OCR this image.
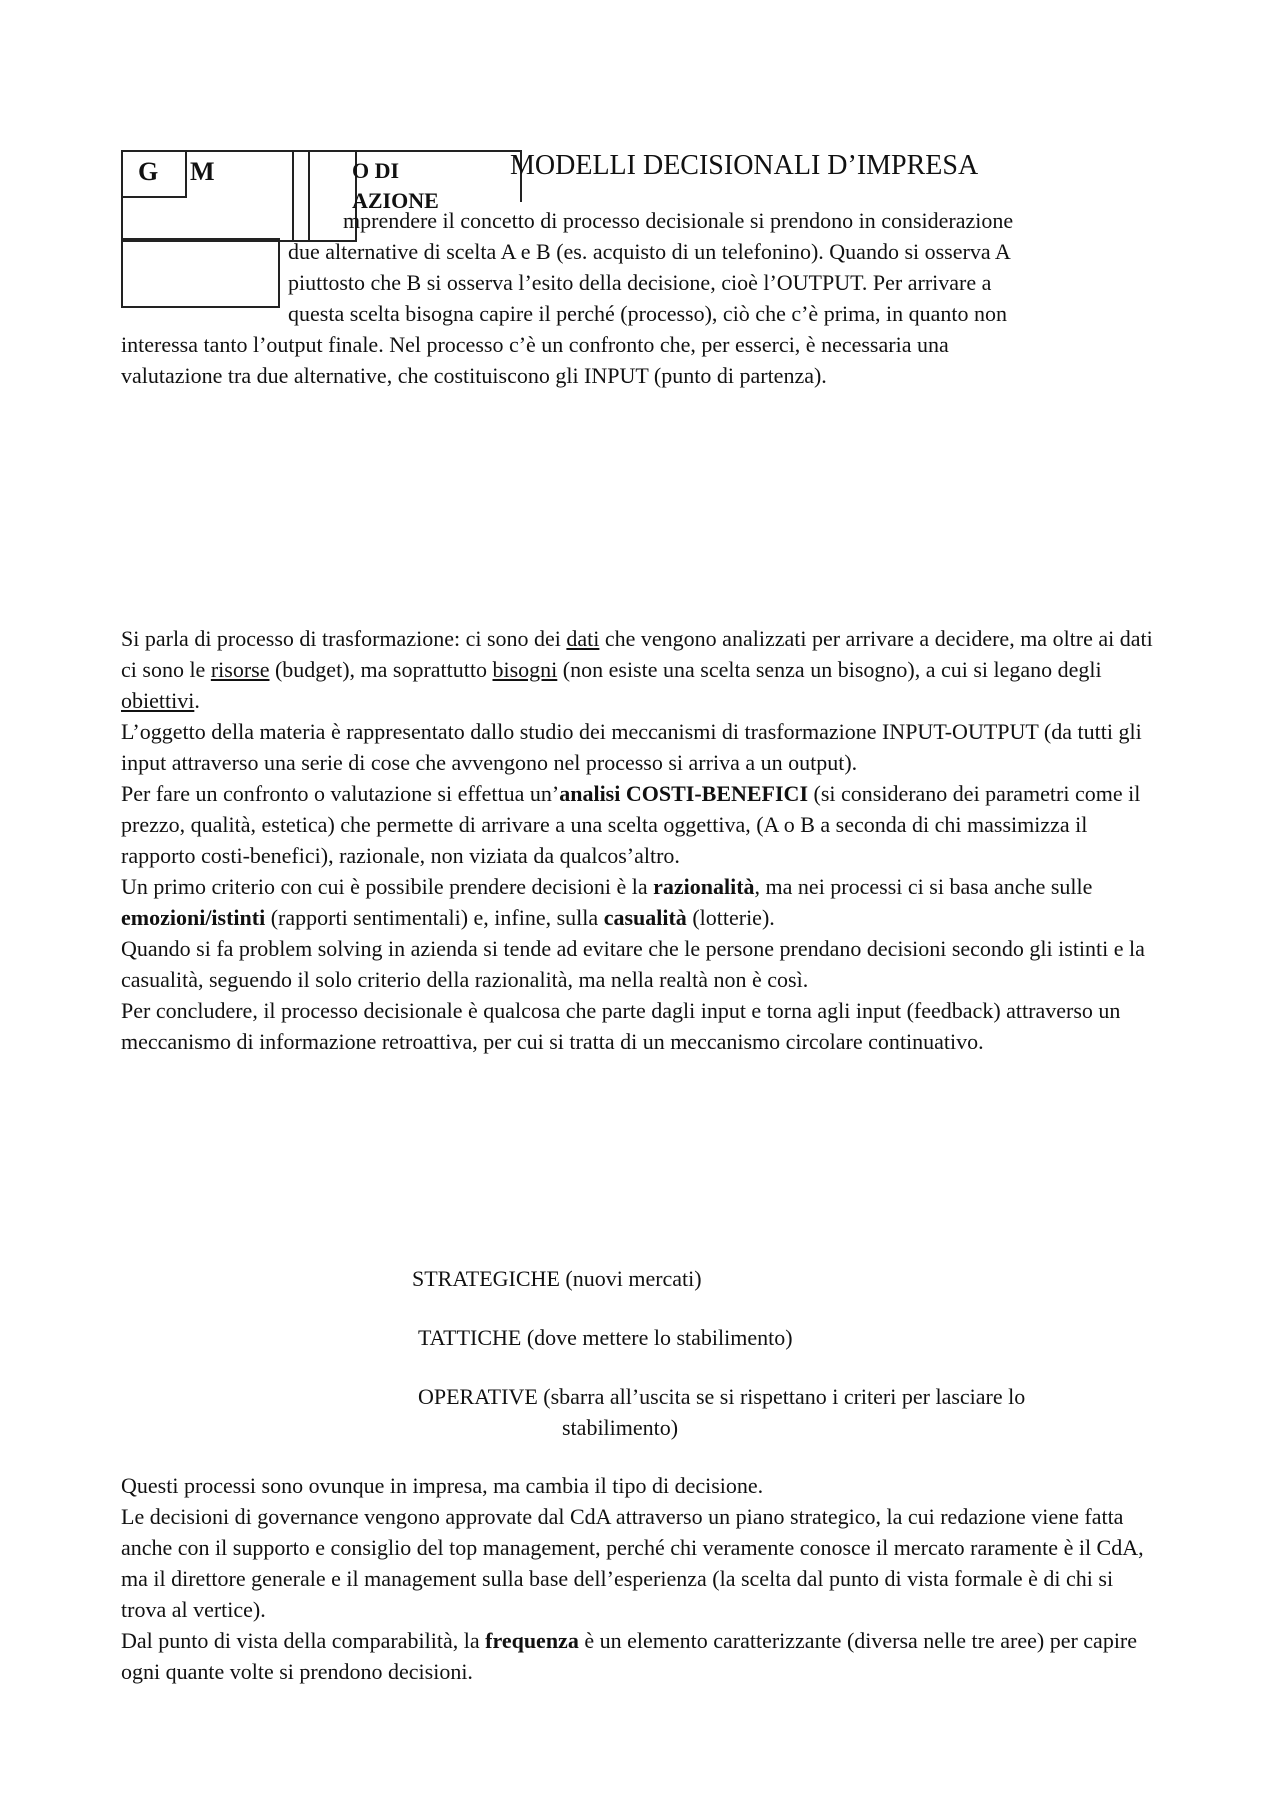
G M	O DI
AZIONE
MODELLI DECISIONALI D’IMPRESA
mprendere il concetto di processo decisionale si prendono in considerazione
due alternative di scelta A e B (es. acquisto di un telefonino). Quando si osserva A
piuttosto che B si osserva l’esito della decisione, cioè l’OUTPUT. Per arrivare a
questa scelta bisogna capire il perché (processo), ciò che c’è prima, in quanto non
interessa tanto l’output finale. Nel processo c’è un confronto che, per esserci, è necessaria una
valutazione tra due alternative, che costituiscono gli INPUT (punto di partenza).

Si parla di processo di trasformazione: ci sono dei dati che vengono analizzati per arrivare a decidere, ma oltre ai dati ci sono le risorse (budget), ma soprattutto bisogni (non esiste una scelta senza un bisogno), a cui si legano degli obiettivi.

L’oggetto della materia è rappresentato dallo studio dei meccanismi di trasformazione INPUT-OUTPUT (da tutti gli input attraverso una serie di cose che avvengono nel processo si arriva a un output).

Per fare un confronto o valutazione si effettua un’analisi COSTI-BENEFICI (si considerano dei parametri come il prezzo, qualità, estetica) che permette di arrivare a una scelta oggettiva, (A o B a seconda di chi massimizza il rapporto costi-benefici), razionale, non viziata da qualcos’altro.

Un primo criterio con cui è possibile prendere decisioni è la razionalità, ma nei processi ci si basa anche sulle emozioni/istinti (rapporti sentimentali) e, infine, sulla casualità (lotterie).

Quando si fa problem solving in azienda si tende ad evitare che le persone prendano decisioni secondo gli istinti e la casualità, seguendo il solo criterio della razionalità, ma nella realtà non è così.

Per concludere, il processo decisionale è qualcosa che parte dagli input e torna agli input (feedback) attraverso un meccanismo di informazione retroattiva, per cui si tratta di un meccanismo circolare continuativo.

STRATEGICHE (nuovi mercati)
TATTICHE (dove mettere lo stabilimento)
OPERATIVE (sbarra all’uscita se si rispettano i criteri per lasciare lo
stabilimento)

Questi processi sono ovunque in impresa, ma cambia il tipo di decisione.

Le decisioni di governance vengono approvate dal CdA attraverso un piano strategico, la cui redazione viene fatta anche con il supporto e consiglio del top management, perché chi veramente conosce il mercato raramente è il CdA, ma il direttore generale e il management sulla base dell’esperienza (la scelta dal punto di vista formale è di chi si trova al vertice).

Dal punto di vista della comparabilità, la frequenza è un elemento caratterizzante (diversa nelle tre aree) per capire ogni quante volte si prendono decisioni.
